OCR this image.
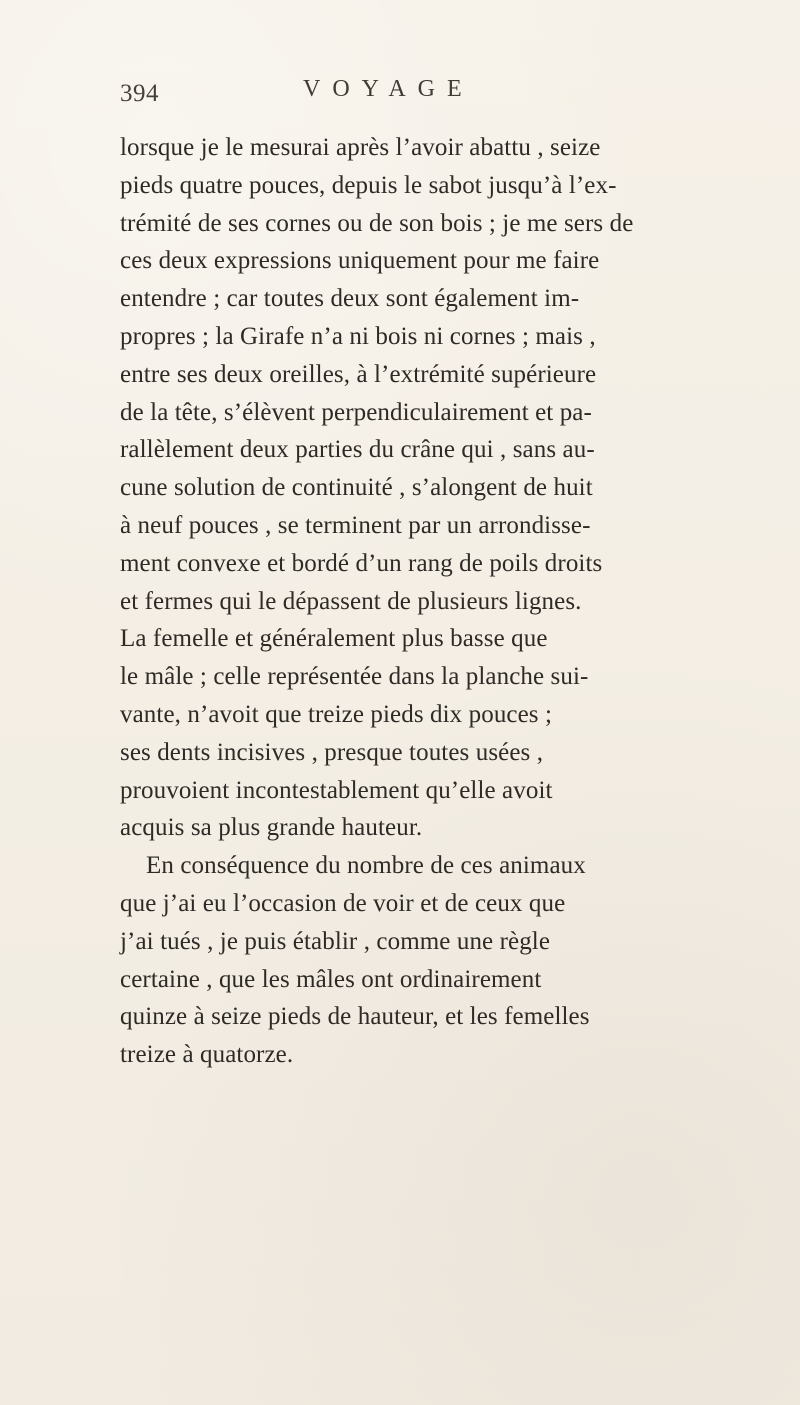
394	VOYAGE
lorsque je le mesurai après l’avoir abattu , seize
pieds quatre pouces, depuis le sabot jusqu’à l’ex-
trémité de ses cornes ou de son bois ; je me sers de
ces deux expressions uniquement pour me faire
entendre ; car toutes deux sont également im-
propres ; la Girafe n’a ni bois ni cornes ; mais ,
entre ses deux oreilles, à l’extrémité supérieure
de la tête, s’élèvent perpendiculairement et pa-
rallèlement deux parties du crâne qui , sans au-
cune solution de continuité , s’alongent de huit
à neuf pouces , se terminent par un arrondisse-
ment convexe et bordé d’un rang de poils droits
et fermes qui le dépassent de plusieurs lignes.
La femelle et généralement plus basse que
le mâle ; celle représentée dans la planche sui-
vante, n’avoit que treize pieds dix pouces ;
ses dents incisives , presque toutes usées ,
prouvoient incontestablement qu’elle avoit
acquis sa plus grande hauteur.
En conséquence du nombre de ces animaux
que j’ai eu l’occasion de voir et de ceux que
j’ai tués , je puis établir , comme une règle
certaine , que les mâles ont ordinairement
quinze à seize pieds de hauteur, et les femelles
treize à quatorze.
